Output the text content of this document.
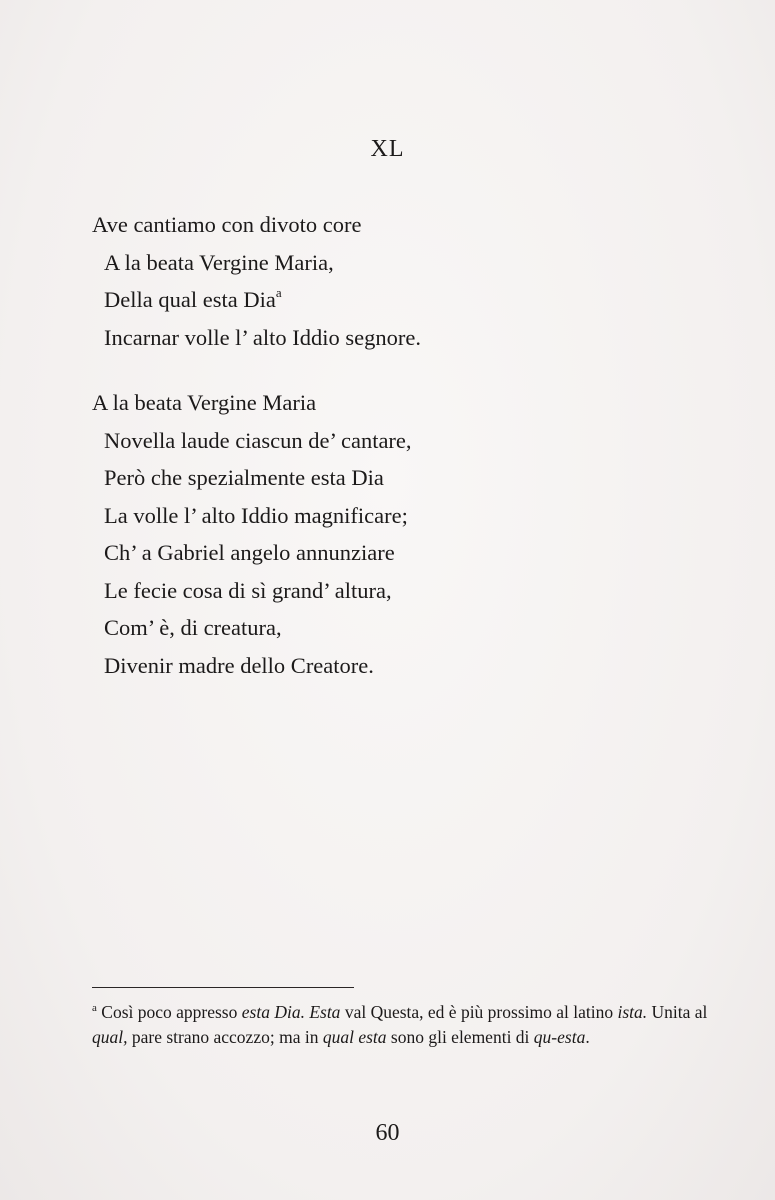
XL
Ave cantiamo con divoto core
A la beata Vergine Maria,
Della qual esta Dia$^a$
Incarnar volle l’ alto Iddio segnore.
A la beata Vergine Maria
Novella laude ciascun de’ cantare,
Però che spezialmente esta Dia
La volle l’ alto Iddio magnificare;
Ch’ a Gabriel angelo annunziare
Le fecie cosa di sì grand’ altura,
Com’ è, di creatura,
Divenir madre dello Creatore.
$^a$ Così poco appresso esta Dia. Esta val Questa, ed è più prossimo al latino ista. Unita al qual, pare strano accozzo; ma in qual esta sono gli elementi di qu-esta.
60
